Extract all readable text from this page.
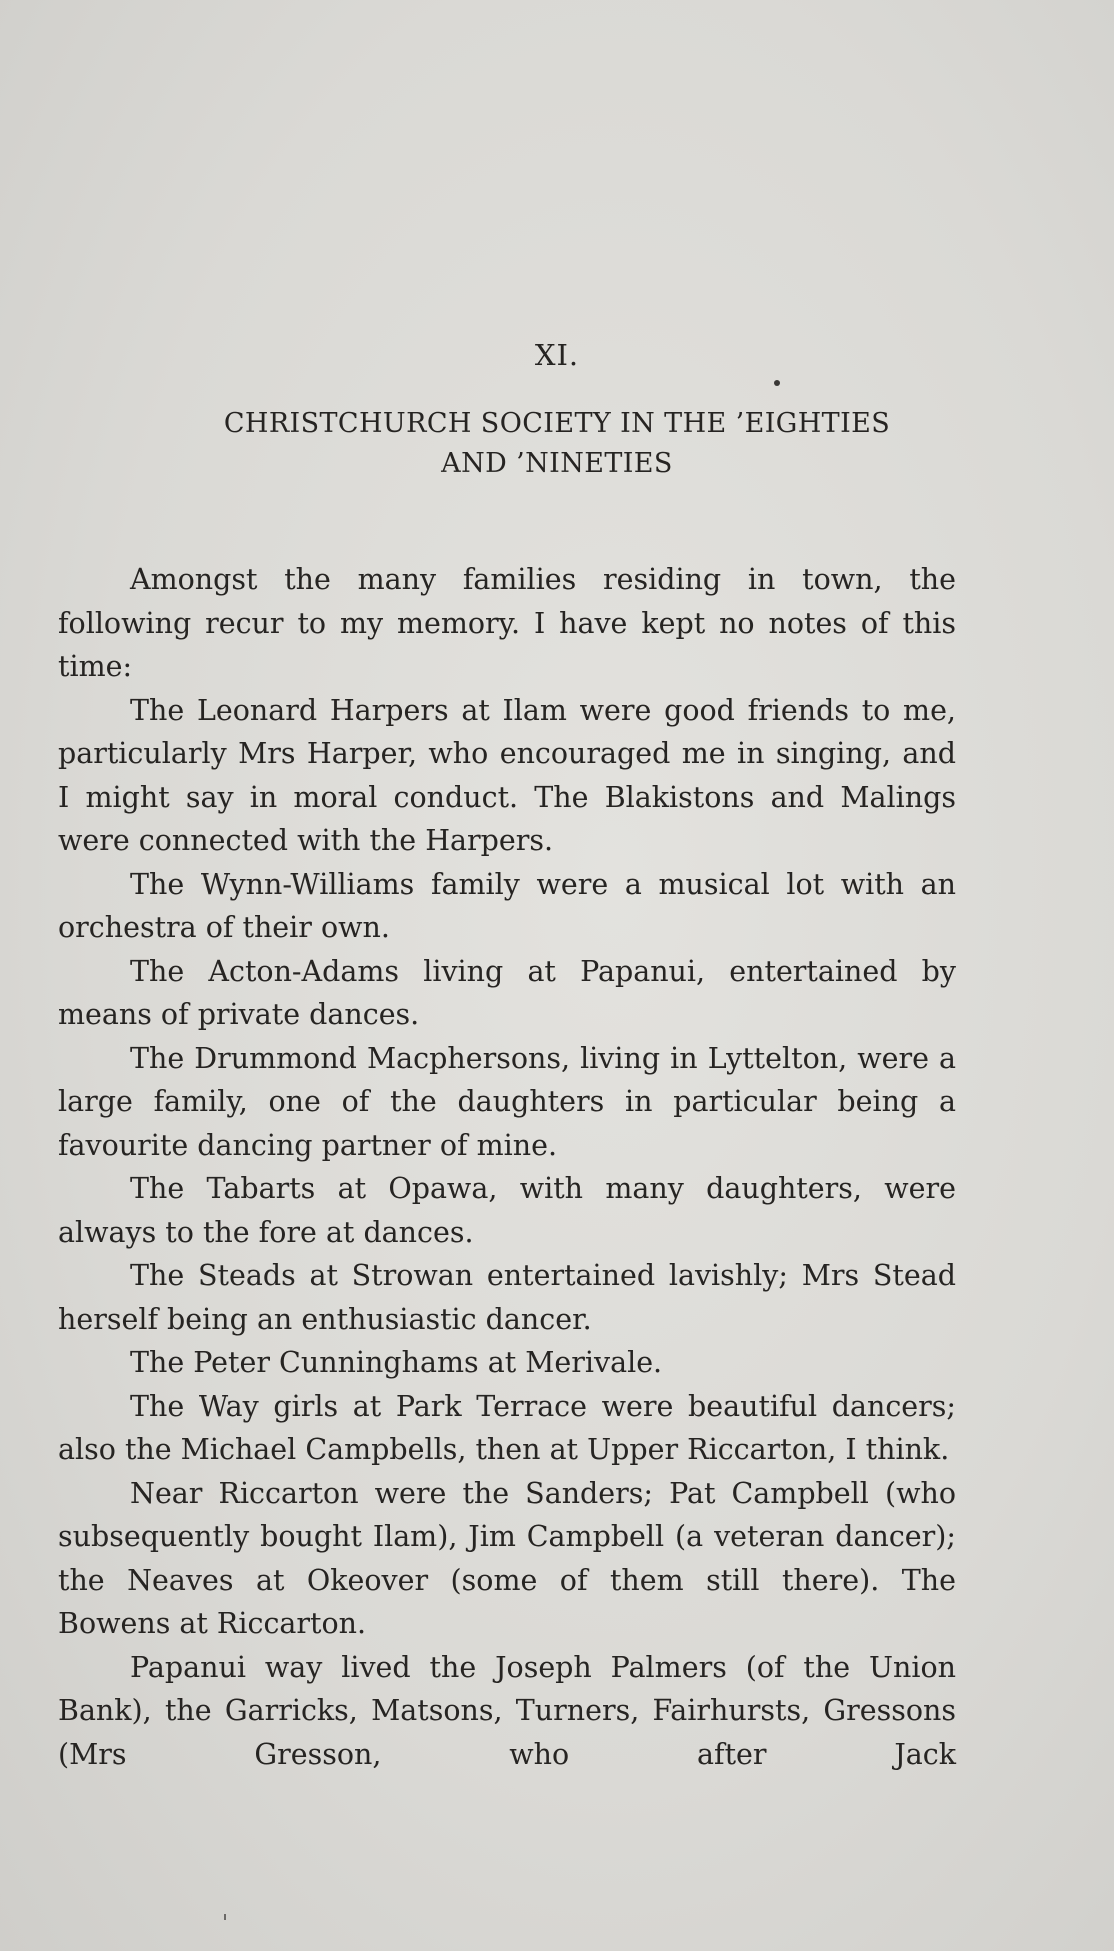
XI.
CHRISTCHURCH SOCIETY IN THE ’EIGHTIES
AND ’NINETIES

Amongst the many families residing in town, the following recur to my memory. I have kept no notes of this time:

The Leonard Harpers at Ilam were good friends to me, particularly Mrs Harper, who encouraged me in singing, and I might say in moral conduct. The Blakistons and Malings were connected with the Harpers.

The Wynn-Williams family were a musical lot with an orchestra of their own.

The Acton-Adams living at Papanui, entertained by means of private dances.

The Drummond Macphersons, living in Lyttelton, were a large family, one of the daughters in particular being a favourite dancing partner of mine.

The Tabarts at Opawa, with many daughters, were always to the fore at dances.

The Steads at Strowan entertained lavishly; Mrs Stead herself being an enthusiastic dancer.

The Peter Cunninghams at Merivale.

The Way girls at Park Terrace were beautiful dancers; also the Michael Campbells, then at Upper Riccarton, I think.

Near Riccarton were the Sanders; Pat Campbell (who subsequently bought Ilam), Jim Campbell (a veteran dancer); the Neaves at Okeover (some of them still there). The Bowens at Riccarton.

Papanui way lived the Joseph Palmers (of the Union Bank), the Garricks, Matsons, Turners, Fairhursts, Gressons (Mrs Gresson, who after Jack
